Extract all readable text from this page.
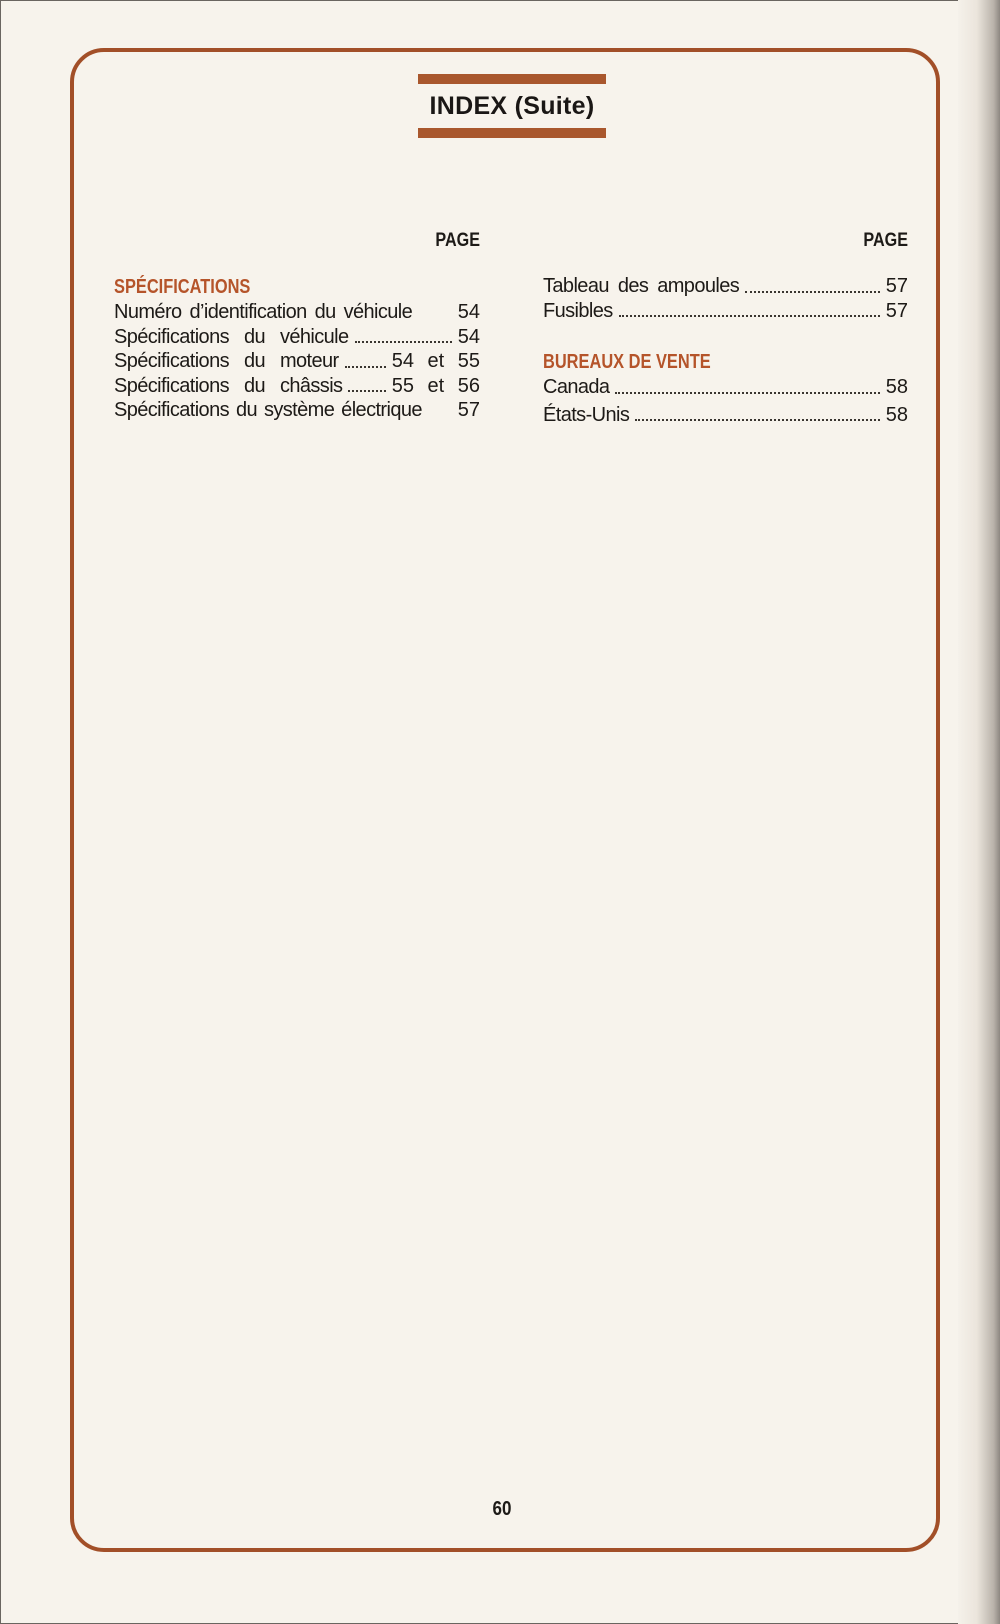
INDEX (Suite)
PAGE
SPÉCIFICATIONS
Numéro d’identification du véhicule 54
Spécifications du véhicule	54
Spécifications du moteur	54 et 55
Spécifications du châssis 55 et 56
Spécifications du système électrique 57
PAGE
Tableau des ampoules	57
Fusibles	57
BUREAUX DE VENTE
Canada	58
États-Unis	58
60
